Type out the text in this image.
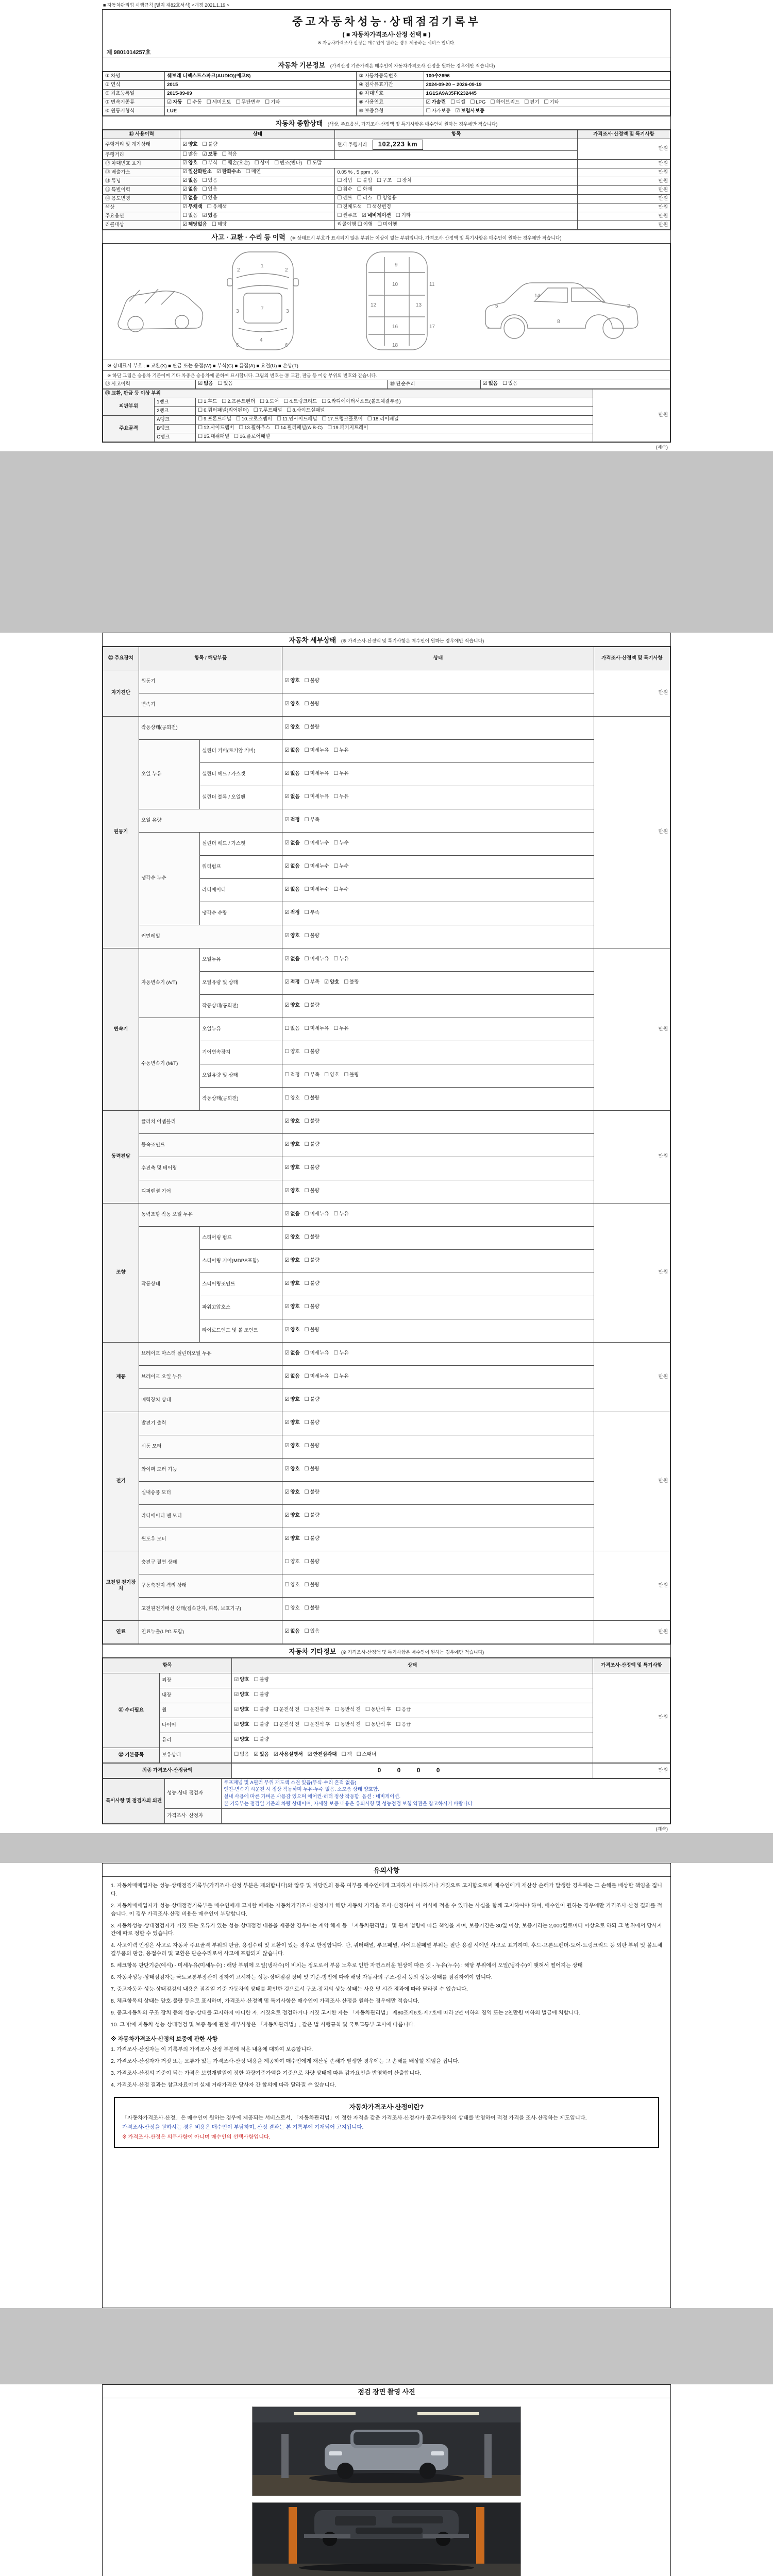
■ 자동차관리법 시행규칙 [별지 제82호서식] <개정 2021.1.19.>
중고자동차성능·상태점검기록부
( ■ 자동차가격조사·산정 선택 ■ )
※ 자동차가격조사·산정은 매수인이 원하는 경우 제공하는 서비스 입니다.
제 9801014257호
자동차 기본정보 (가격산정 기준가격은 매수인이 자동차가격조사·산정을 원하는 경우에만 적습니다)
① 차명	쉐보레 더넥스트스파크(AUDIO)(에코S)	② 자동차등록번호	100수2696
③ 연식	2015	④ 검사유효기간	2024-09-20 ~ 2026-09-19
⑤ 최초등록일	2015-09-09	⑥ 차대번호	1G1SA9A35FK232445
⑦ 변속기종류	☑ 자동 ☐ 수동 ☐ 세미오토 ☐ 무단변속 ☐ 기타	⑧ 사용연료	☑ 가솔린 ☐ 디젤 ☐ LPG ☐ 하이브리드 ☐ 전기 ☐ 기타
⑨ 원동기형식	LUE	⑩ 보증유형	☐ 자가보증 ☑ 보험사보증
자동차 종합상태 (색상, 주요옵션, 가격조사·산정액 및 특기사항은 매수인이 원하는 경우에만 적습니다)
⑪ 사용이력	상태	항목	가격조사·산정액 및 특기사항
주행거리 및 계기상태	☑ 양호 ☐ 불량	현재 주행거리 102,223 km	만원
주행거리	☐ 많음 ☑ 보통 ☐ 적음		
⑫ 차대번호 표기	☑ 양호 ☐ 부식 ☐ 훼손(오손) ☐ 상이 ☐ 변조(변타) ☐ 도말		만원
⑬ 배출가스	☑ 일산화탄소 ☑ 탄화수소 ☐ 매연	0.05 % , 5 ppm , %	만원
⑭ 튜닝	☑ 없음 ☐ 있음	☐ 적법 ☐ 불법 ☐ 구조 ☐ 장치	만원
⑮ 특별이력	☑ 없음 ☐ 있음	☐ 침수 ☐ 화재	만원
⑯ 용도변경	☑ 없음 ☐ 있음	☐ 렌트 ☐ 리스 ☐ 영업용	만원
색상	☑ 무채색 ☐ 유채색	☐ 전체도색 ☐ 색상변경	만원
주요옵션	☐ 없음 ☑ 있음	☐ 썬루프 ☑ 네비게이션 ☐ 기타	만원
리콜대상	☑ 해당없음 ☐ 해당	리콜이행 ☐ 이행 ☐ 미이행	만원
사고 · 교환 · 수리 등 이력 (※ 상태표시 부호가 표시되지 않은 부위는 이상이 없는 부위입니다. 가격조사·산정액 및 특기사항은 매수인이 원하는 경우에만 적습니다)
1
7
4
2	2
3	3
6	6
9
10
12	13
16
18
11
17
8
14
2
5
※ 상태표시 부호 : ■ 교환(X) ■ 판금 또는 용접(W) ■ 부식(C) ■ 흠집(A) ■ 요철(U) ■ 손상(T)
※ 하단 그림은 승용차 기준이며 기타 차종은 승용차에 준하여 표시합니다. 그림의 번호는 ⑲ 교환, 판금 등 이상 부위의 번호와 같습니다.
⑰ 사고이력	☑ 없음 ☐ 있음	⑱ 단순수리	☑ 없음 ☐ 있음
⑲ 교환, 판금 등 이상 부위			만원
외판부위	1랭크	☐ 1.후드 ☐ 2.프론트펜더 ☐ 3.도어 ☐ 4.트렁크리드 ☐ 5.라디에이터서포트(볼트체결부품)	
	2랭크	☐ 6.쿼터패널(리어펜더) ☐ 7.루프패널 ☐ 8.사이드실패널	
주요골격	A랭크	☐ 9.프론트패널 ☐ 10.크로스멤버 ☐ 11.인사이드패널 ☐ 17.트렁크플로어 ☐ 18.리어패널	
	B랭크	☐ 12.사이드멤버 ☐ 13.휠하우스 ☐ 14.필러패널(A·B·C) ☐ 19.패키지트레이	
	C랭크	☐ 15.대쉬패널 ☐ 16.플로어패널	
(계속)
자동차 세부상태 (※ 가격조사·산정액 및 특기사항은 매수인이 원하는 경우에만 적습니다)
⑳ 주요장치	항목 / 해당부품		상태	가격조사·산정액 및 특기사항
자기진단	원동기		☑ 양호 ☐ 불량	만원
	변속기		☑ 양호 ☐ 불량	
원동기	작동상태(공회전)		☑ 양호 ☐ 불량	만원
	오일 누유	실린더 커버(로커암 커버)	☑ 없음 ☐ 미세누유 ☐ 누유	
		실린더 헤드 / 가스켓	☑ 없음 ☐ 미세누유 ☐ 누유	
		실린더 블록 / 오일팬	☑ 없음 ☐ 미세누유 ☐ 누유	
	오일 유량		☑ 적정 ☐ 부족	
	냉각수 누수	실린더 헤드 / 가스켓	☑ 없음 ☐ 미세누수 ☐ 누수	
		워터펌프	☑ 없음 ☐ 미세누수 ☐ 누수	
		라디에이터	☑ 없음 ☐ 미세누수 ☐ 누수	
		냉각수 수량	☑ 적정 ☐ 부족	
	커먼레일		☑ 양호 ☐ 불량	
변속기	자동변속기 (A/T)	오일누유	☑ 없음 ☐ 미세누유 ☐ 누유	만원
		오일유량 및 상태	☑ 적정 ☐ 부족 ☑ 양호 ☐ 불량	
		작동상태(공회전)	☑ 양호 ☐ 불량	
	수동변속기 (M/T)	오일누유	☐ 없음 ☐ 미세누유 ☐ 누유	
		기어변속장치	☐ 양호 ☐ 불량	
		오일유량 및 상태	☐ 적정 ☐ 부족 ☐ 양호 ☐ 불량	
		작동상태(공회전)	☐ 양호 ☐ 불량	
동력전달	클러치 어셈블리		☑ 양호 ☐ 불량	만원
	등속조인트		☑ 양호 ☐ 불량	
	추진축 및 베어링		☑ 양호 ☐ 불량	
	디퍼렌셜 기어		☑ 양호 ☐ 불량	
조향	동력조향 작동 오일 누유		☑ 없음 ☐ 미세누유 ☐ 누유	만원
	작동상태	스티어링 펌프	☑ 양호 ☐ 불량	
		스티어링 기어(MDPS포함)	☑ 양호 ☐ 불량	
		스티어링조인트	☑ 양호 ☐ 불량	
		파워고압호스	☑ 양호 ☐ 불량	
		타이로드엔드 및 볼 조인트	☑ 양호 ☐ 불량	
제동	브레이크 마스터 실린더오일 누유		☑ 없음 ☐ 미세누유 ☐ 누유	만원
	브레이크 오일 누유		☑ 없음 ☐ 미세누유 ☐ 누유	
	배력장치 상태		☑ 양호 ☐ 불량	
전기	발전기 출력		☑ 양호 ☐ 불량	만원
	시동 모터		☑ 양호 ☐ 불량	
	와이퍼 모터 기능		☑ 양호 ☐ 불량	
	실내송풍 모터		☑ 양호 ☐ 불량	
	라디에이터 팬 모터		☑ 양호 ☐ 불량	
	윈도우 모터		☑ 양호 ☐ 불량	
고전원 전기장치	충전구 절연 상태		☐ 양호 ☐ 불량	만원
	구동축전지 격리 상태		☐ 양호 ☐ 불량	
	고전원전기배선 상태(접속단자, 피복, 보호기구)		☐ 양호 ☐ 불량	
연료	연료누출(LPG 포함)		☑ 없음 ☐ 있음	만원
자동차 기타정보 (※ 가격조사·산정액 및 특기사항은 매수인이 원하는 경우에만 적습니다)
항목		상태	가격조사·산정액 및 특기사항
㉑ 수리필요	외장	☑ 양호 ☐ 불량	만원
	내장	☑ 양호 ☐ 불량	
	휠	☑ 양호 ☐ 불량 ☐ 운전석 전 ☐ 운전석 후 ☐ 동반석 전 ☐ 동반석 후 ☐ 응급	
	타이어	☑ 양호 ☐ 불량 ☐ 운전석 전 ☐ 운전석 후 ☐ 동반석 전 ☐ 동반석 후 ☐ 응급	
	유리	☑ 양호 ☐ 불량	
㉒ 기본품목	보유상태	☐ 없음 ☑ 있음 ☑ 사용설명서 ☑ 안전삼각대 ☐ 잭 ☐ 스패너	
최종 가격조사·산정금액	0 0 0 0	만원
특이사항 및 점검자의 의견	성능·상태 점검자	루프패널 및 A필러 부위 재도색 소견 있음(부식·수리 흔적 없음).
엔진·변속기 시운전 시 정상 작동하며 누유·누수 없음. 소모품 상태 양호함.
실내 사용에 따른 가벼운 사용감 있으며 에어컨·히터 정상 작동함. 옵션 : 네비게이션.
본 기록부는 점검일 기준의 차량 상태이며, 자세한 보증 내용은 유의사항 및 성능점검 보험 약관을 참고하시기 바랍니다.
	가격조사· 산정자	
(계속)
유의사항
1. 자동차매매업자는 성능·상태점검기록부(가격조사·산정 부분은 제외합니다)와 압류 및 저당권의 등록 여부를 매수인에게 고지하지 아니하거나 거짓으로 고지함으로써 매수인에게 재산상 손해가 발생한 경우에는 그 손해를 배상할 책임을 집니다.
2. 자동차매매업자가 성능·상태점검기록부를 매수인에게 고지할 때에는 자동차가격조사·산정자가 해당 자동차 가격을 조사·산정하여 이 서식에 적을 수 있다는 사실을 함께 고지하여야 하며, 매수인이 원하는 경우에만 가격조사·산정 결과를 적습니다. 이 경우 가격조사·산정 비용은 매수인이 부담합니다.
3. 자동차성능·상태점검자가 거짓 또는 오류가 있는 성능·상태점검 내용을 제공한 경우에는 계약 해제 등 「자동차관리법」 및 관계 법령에 따른 책임을 지며, 보증기간은 30일 이상, 보증거리는 2,000킬로미터 이상으로 하되 그 범위에서 당사자 간에 따로 정할 수 있습니다.
4. 사고이력 인정은 사고로 자동차 주요골격 부위의 판금, 용접수리 및 교환이 있는 경우로 한정합니다. 단, 쿼터패널, 루프패널, 사이드실패널 부위는 절단·용접 시에만 사고로 표기하며, 후드·프론트펜더·도어·트렁크리드 등 외판 부위 및 볼트체결부품의 판금, 용접수리 및 교환은 단순수리로서 사고에 포함되지 않습니다.
5. 체크항목 판단기준(예시) - 미세누유(미세누수) : 해당 부위에 오일(냉각수)이 비치는 정도로서 부품 노후로 인한 자연스러운 현상에 따른 것 - 누유(누수) : 해당 부위에서 오일(냉각수)이 맺혀서 떨어지는 상태
6. 자동차성능·상태점검자는 국토교통부장관이 정하여 고시하는 성능·상태점검 장비 및 기준·방법에 따라 해당 자동차의 구조·장치 등의 성능·상태를 점검하여야 합니다.
7. 중고자동차 성능·상태점검의 내용은 점검일 기준 자동차의 상태를 확인한 것으로서 구조·장치의 성능·상태는 사용 및 시간 경과에 따라 달라질 수 있습니다.
8. 체크항목의 상태는 양호·불량 등으로 표시하며, 가격조사·산정액 및 특기사항은 매수인이 가격조사·산정을 원하는 경우에만 적습니다.
9. 중고자동차의 구조·장치 등의 성능·상태를 고지하지 아니한 자, 거짓으로 점검하거나 거짓 고지한 자는 「자동차관리법」 제80조제6호·제7호에 따라 2년 이하의 징역 또는 2천만원 이하의 벌금에 처합니다.
10. 그 밖에 자동차 성능·상태점검 및 보증 등에 관한 세부사항은 「자동차관리법」, 같은 법 시행규칙 및 국토교통부 고시에 따릅니다.
※ 자동차가격조사·산정의 보증에 관한 사항
1. 가격조사·산정자는 이 기록부의 가격조사·산정 부분에 적은 내용에 대하여 보증합니다.
2. 가격조사·산정자가 거짓 또는 오류가 있는 가격조사·산정 내용을 제공하여 매수인에게 재산상 손해가 발생한 경우에는 그 손해를 배상할 책임을 집니다.
3. 가격조사·산정의 기준이 되는 가격은 보험개발원이 정한 차량기준가액을 기준으로 차량 상태에 따른 감가요인을 반영하여 산출합니다.
4. 가격조사·산정 결과는 참고자료이며 실제 거래가격은 당사자 간 합의에 따라 달라질 수 있습니다.
자동차가격조사·산정이란?
「자동차가격조사·산정」은 매수인이 원하는 경우에 제공되는 서비스로서, 「자동차관리법」이 정한 자격을 갖춘 가격조사·산정자가 중고자동차의 상태를 반영하여 적정 가격을 조사·산정하는 제도입니다.
가격조사·산정을 원하시는 경우 비용은 매수인이 부담하며, 산정 결과는 본 기록부에 기재되어 고지됩니다.
※ 가격조사·산정은 의무사항이 아니며 매수인의 선택사항입니다.
점검 장면 촬영 사진
